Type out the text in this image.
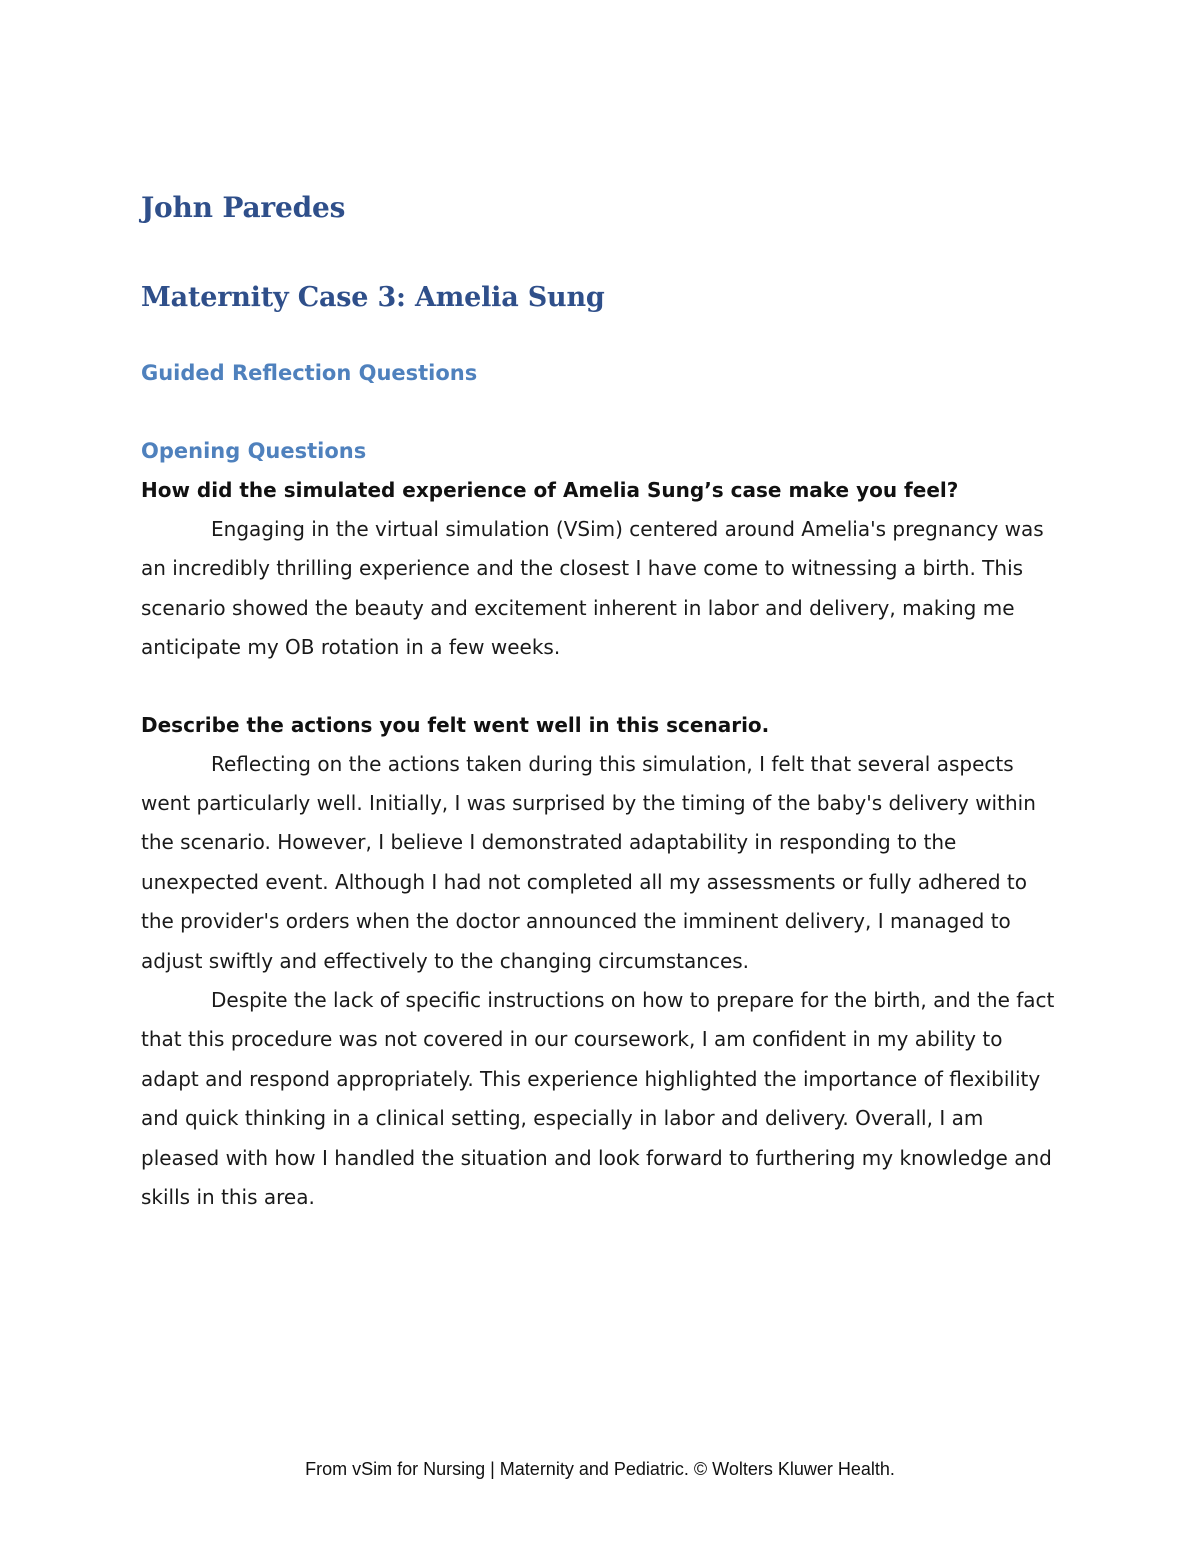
John Paredes
Maternity Case 3: Amelia Sung
Guided Reflection Questions
Opening Questions

How did the simulated experience of Amelia Sung’s case make you feel?

Engaging in the virtual simulation (VSim) centered around Amelia's pregnancy was an incredibly thrilling experience and the closest I have come to witnessing a birth. This scenario showed the beauty and excitement inherent in labor and delivery, making me anticipate my OB rotation in a few weeks.

Describe the actions you felt went well in this scenario.

Reflecting on the actions taken during this simulation, I felt that several aspects went particularly well. Initially, I was surprised by the timing of the baby's delivery within the scenario. However, I believe I demonstrated adaptability in responding to the unexpected event. Although I had not completed all my assessments or fully adhered to the provider's orders when the doctor announced the imminent delivery, I managed to adjust swiftly and effectively to the changing circumstances.

Despite the lack of specific instructions on how to prepare for the birth, and the fact that this procedure was not covered in our coursework, I am confident in my ability to adapt and respond appropriately. This experience highlighted the importance of flexibility and quick thinking in a clinical setting, especially in labor and delivery. Overall, I am pleased with how I handled the situation and look forward to furthering my knowledge and skills in this area.

From vSim for Nursing | Maternity and Pediatric. © Wolters Kluwer Health.
